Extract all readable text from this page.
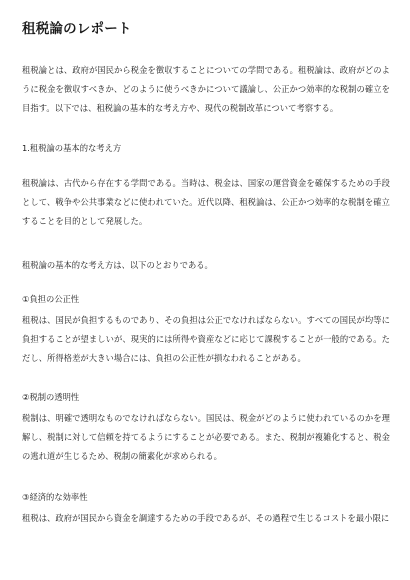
租税論のレポート

租税論とは、政府が国民から税金を徴収することについての学問である。租税論は、政府がどのように税金を徴収すべきか、どのように使うべきかについて議論し、公正かつ効率的な税制の確立を目指す。以下では、租税論の基本的な考え方や、現代の税制改革について考察する。

1.租税論の基本的な考え方

租税論は、古代から存在する学問である。当時は、税金は、国家の運営資金を確保するための手段として、戦争や公共事業などに使われていた。近代以降、租税論は、公正かつ効率的な税制を確立することを目的として発展した。

租税論の基本的な考え方は、以下のとおりである。

①負担の公正性

租税は、国民が負担するものであり、その負担は公正でなければならない。すべての国民が均等に負担することが望ましいが、現実的には所得や資産などに応じて課税することが一般的である。ただし、所得格差が大きい場合には、負担の公正性が損なわれることがある。

②税制の透明性

税制は、明確で透明なものでなければならない。国民は、税金がどのように使われているのかを理解し、税制に対して信頼を持てるようにすることが必要である。また、税制が複雑化すると、税金の逃れ道が生じるため、税制の簡素化が求められる。

③経済的な効率性

租税は、政府が国民から資金を調達するための手段であるが、その過程で生じるコストを最小限に
